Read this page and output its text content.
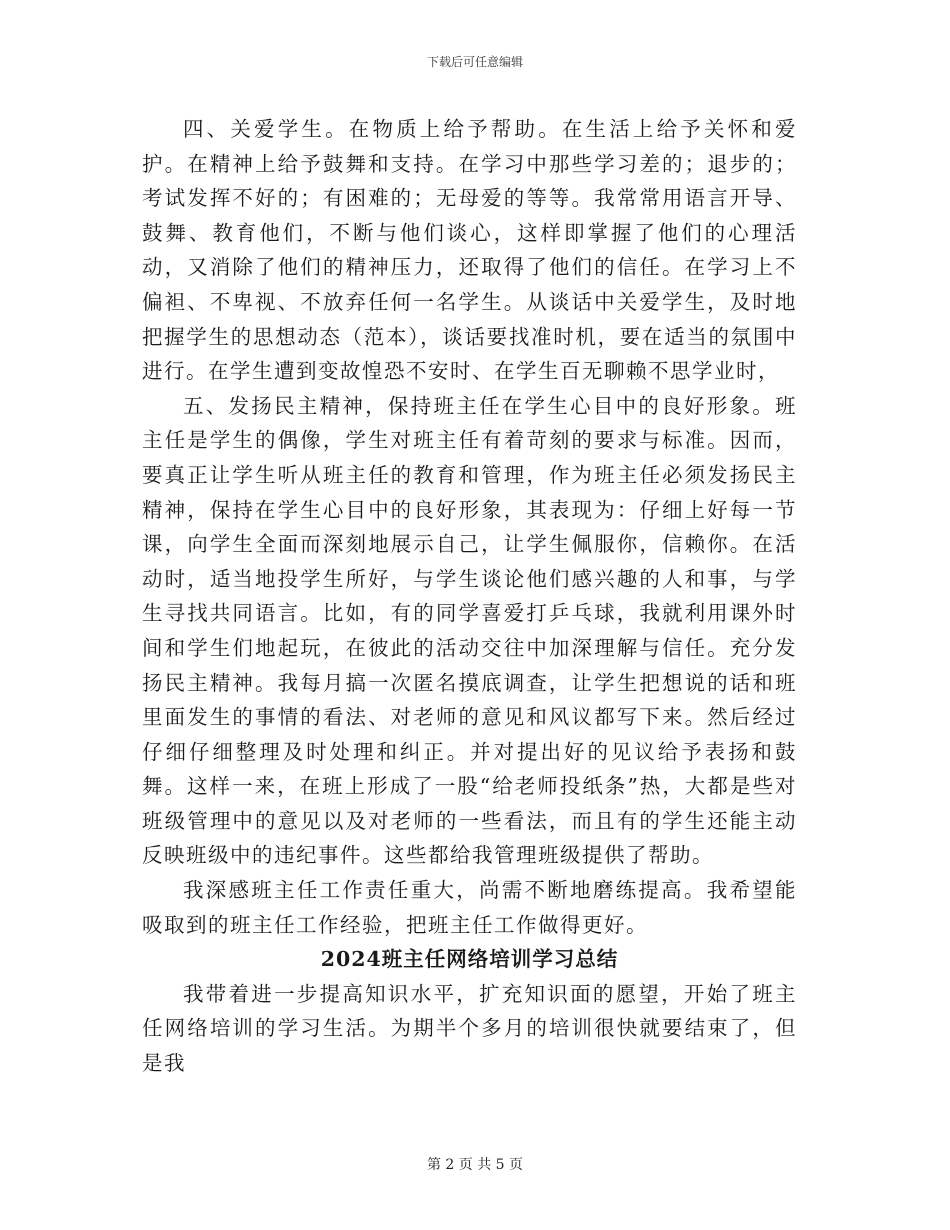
下载后可任意编辑

四、关爱学生。在物质上给予帮助。在生活上给予关怀和爱护。在精神上给予鼓舞和支持。在学习中那些学习差的；退步的；考试发挥不好的；有困难的；无母爱的等等。我常常用语言开导、鼓舞、教育他们，不断与他们谈心，这样即掌握了他们的心理活动，又消除了他们的精神压力，还取得了他们的信任。在学习上不偏袒、不卑视、不放弃任何一名学生。从谈话中关爱学生，及时地把握学生的思想动态（范本），谈话要找准时机，要在适当的氛围中进行。在学生遭到变故惶恐不安时、在学生百无聊赖不思学业时，

五、发扬民主精神，保持班主任在学生心目中的良好形象。班主任是学生的偶像，学生对班主任有着苛刻的要求与标准。因而，要真正让学生听从班主任的教育和管理，作为班主任必须发扬民主精神，保持在学生心目中的良好形象，其表现为：仔细上好每一节课，向学生全面而深刻地展示自己，让学生佩服你，信赖你。在活动时，适当地投学生所好，与学生谈论他们感兴趣的人和事，与学生寻找共同语言。比如，有的同学喜爱打乒乓球，我就利用课外时间和学生们地起玩，在彼此的活动交往中加深理解与信任。充分发扬民主精神。我每月搞一次匿名摸底调查，让学生把想说的话和班里面发生的事情的看法、对老师的意见和风议都写下来。然后经过仔细仔细整理及时处理和纠正。并对提出好的见议给予表扬和鼓舞。这样一来，在班上形成了一股“给老师投纸条”热，大都是些对班级管理中的意见以及对老师的一些看法，而且有的学生还能主动反映班级中的违纪事件。这些都给我管理班级提供了帮助。

我深感班主任工作责任重大，尚需不断地磨练提高。我希望能吸取到的班主任工作经验，把班主任工作做得更好。

2024班主任网络培训学习总结

我带着进一步提高知识水平，扩充知识面的愿望，开始了班主任网络培训的学习生活。为期半个多月的培训很快就要结束了，但是我

第 2 页 共 5 页
